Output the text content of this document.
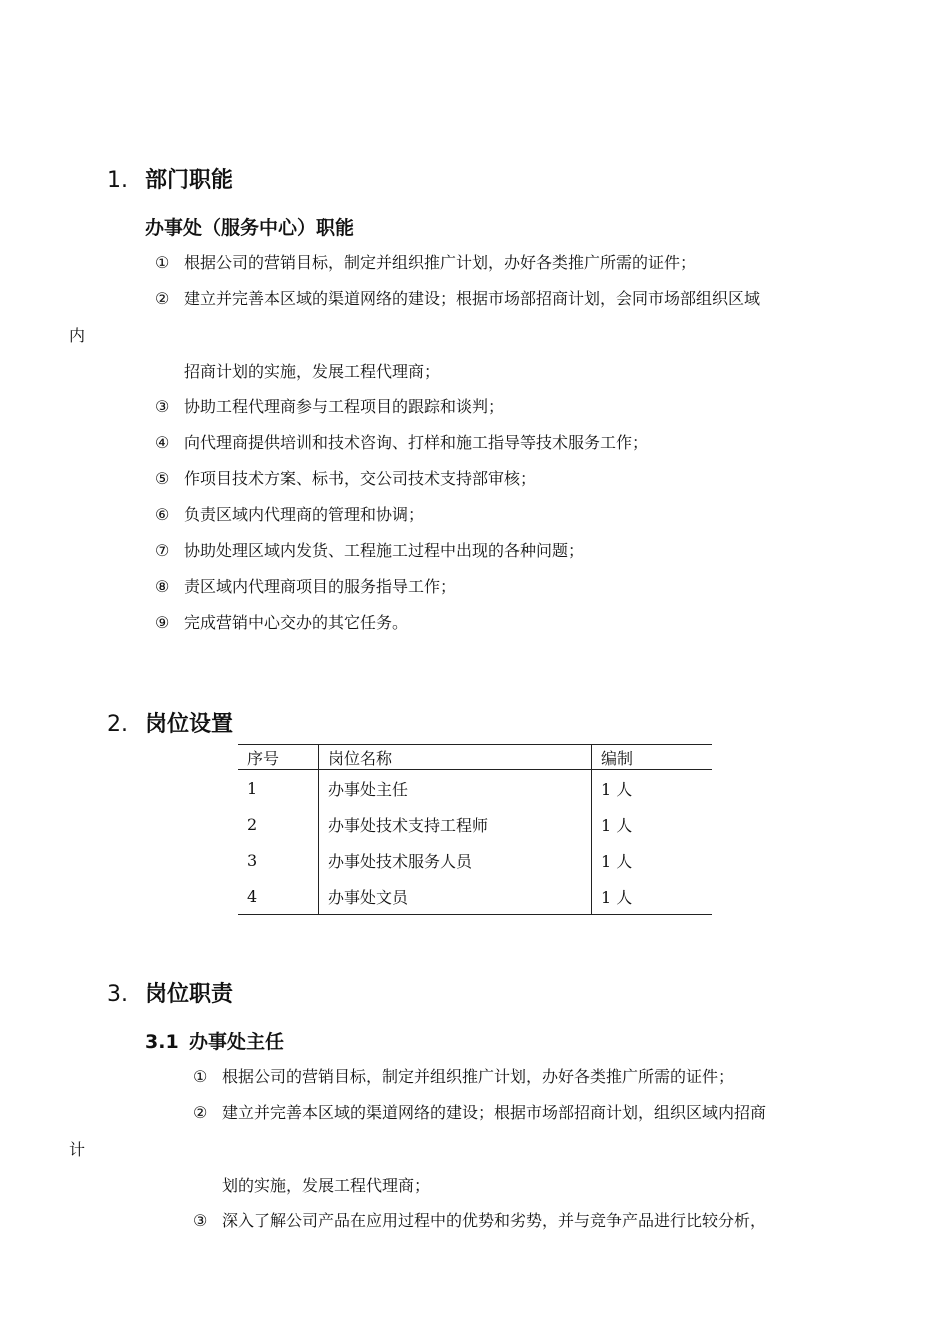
1. 部门职能
办事处（服务中心）职能
① 根据公司的营销目标，制定并组织推广计划，办好各类推广所需的证件；
② 建立并完善本区域的渠道网络的建设；根据市场部招商计划，会同市场部组织区域
内
招商计划的实施，发展工程代理商；
③ 协助工程代理商参与工程项目的跟踪和谈判；
④ 向代理商提供培训和技术咨询、打样和施工指导等技术服务工作；
⑤ 作项目技术方案、标书，交公司技术支持部审核；
⑥ 负责区域内代理商的管理和协调；
⑦ 协助处理区域内发货、工程施工过程中出现的各种问题；
⑧ 责区域内代理商项目的服务指导工作；
⑨ 完成营销中心交办的其它任务。
2. 岗位设置
序号	岗位名称	编制
1	办事处主任	1 人
2	办事处技术支持工程师	1 人
3	办事处技术服务人员	1 人
4	办事处文员	1 人
3. 岗位职责
3.1 办事处主任
① 根据公司的营销目标，制定并组织推广计划，办好各类推广所需的证件；
② 建立并完善本区域的渠道网络的建设；根据市场部招商计划，组织区域内招商
计
划的实施，发展工程代理商；
③ 深入了解公司产品在应用过程中的优势和劣势，并与竞争产品进行比较分析，
